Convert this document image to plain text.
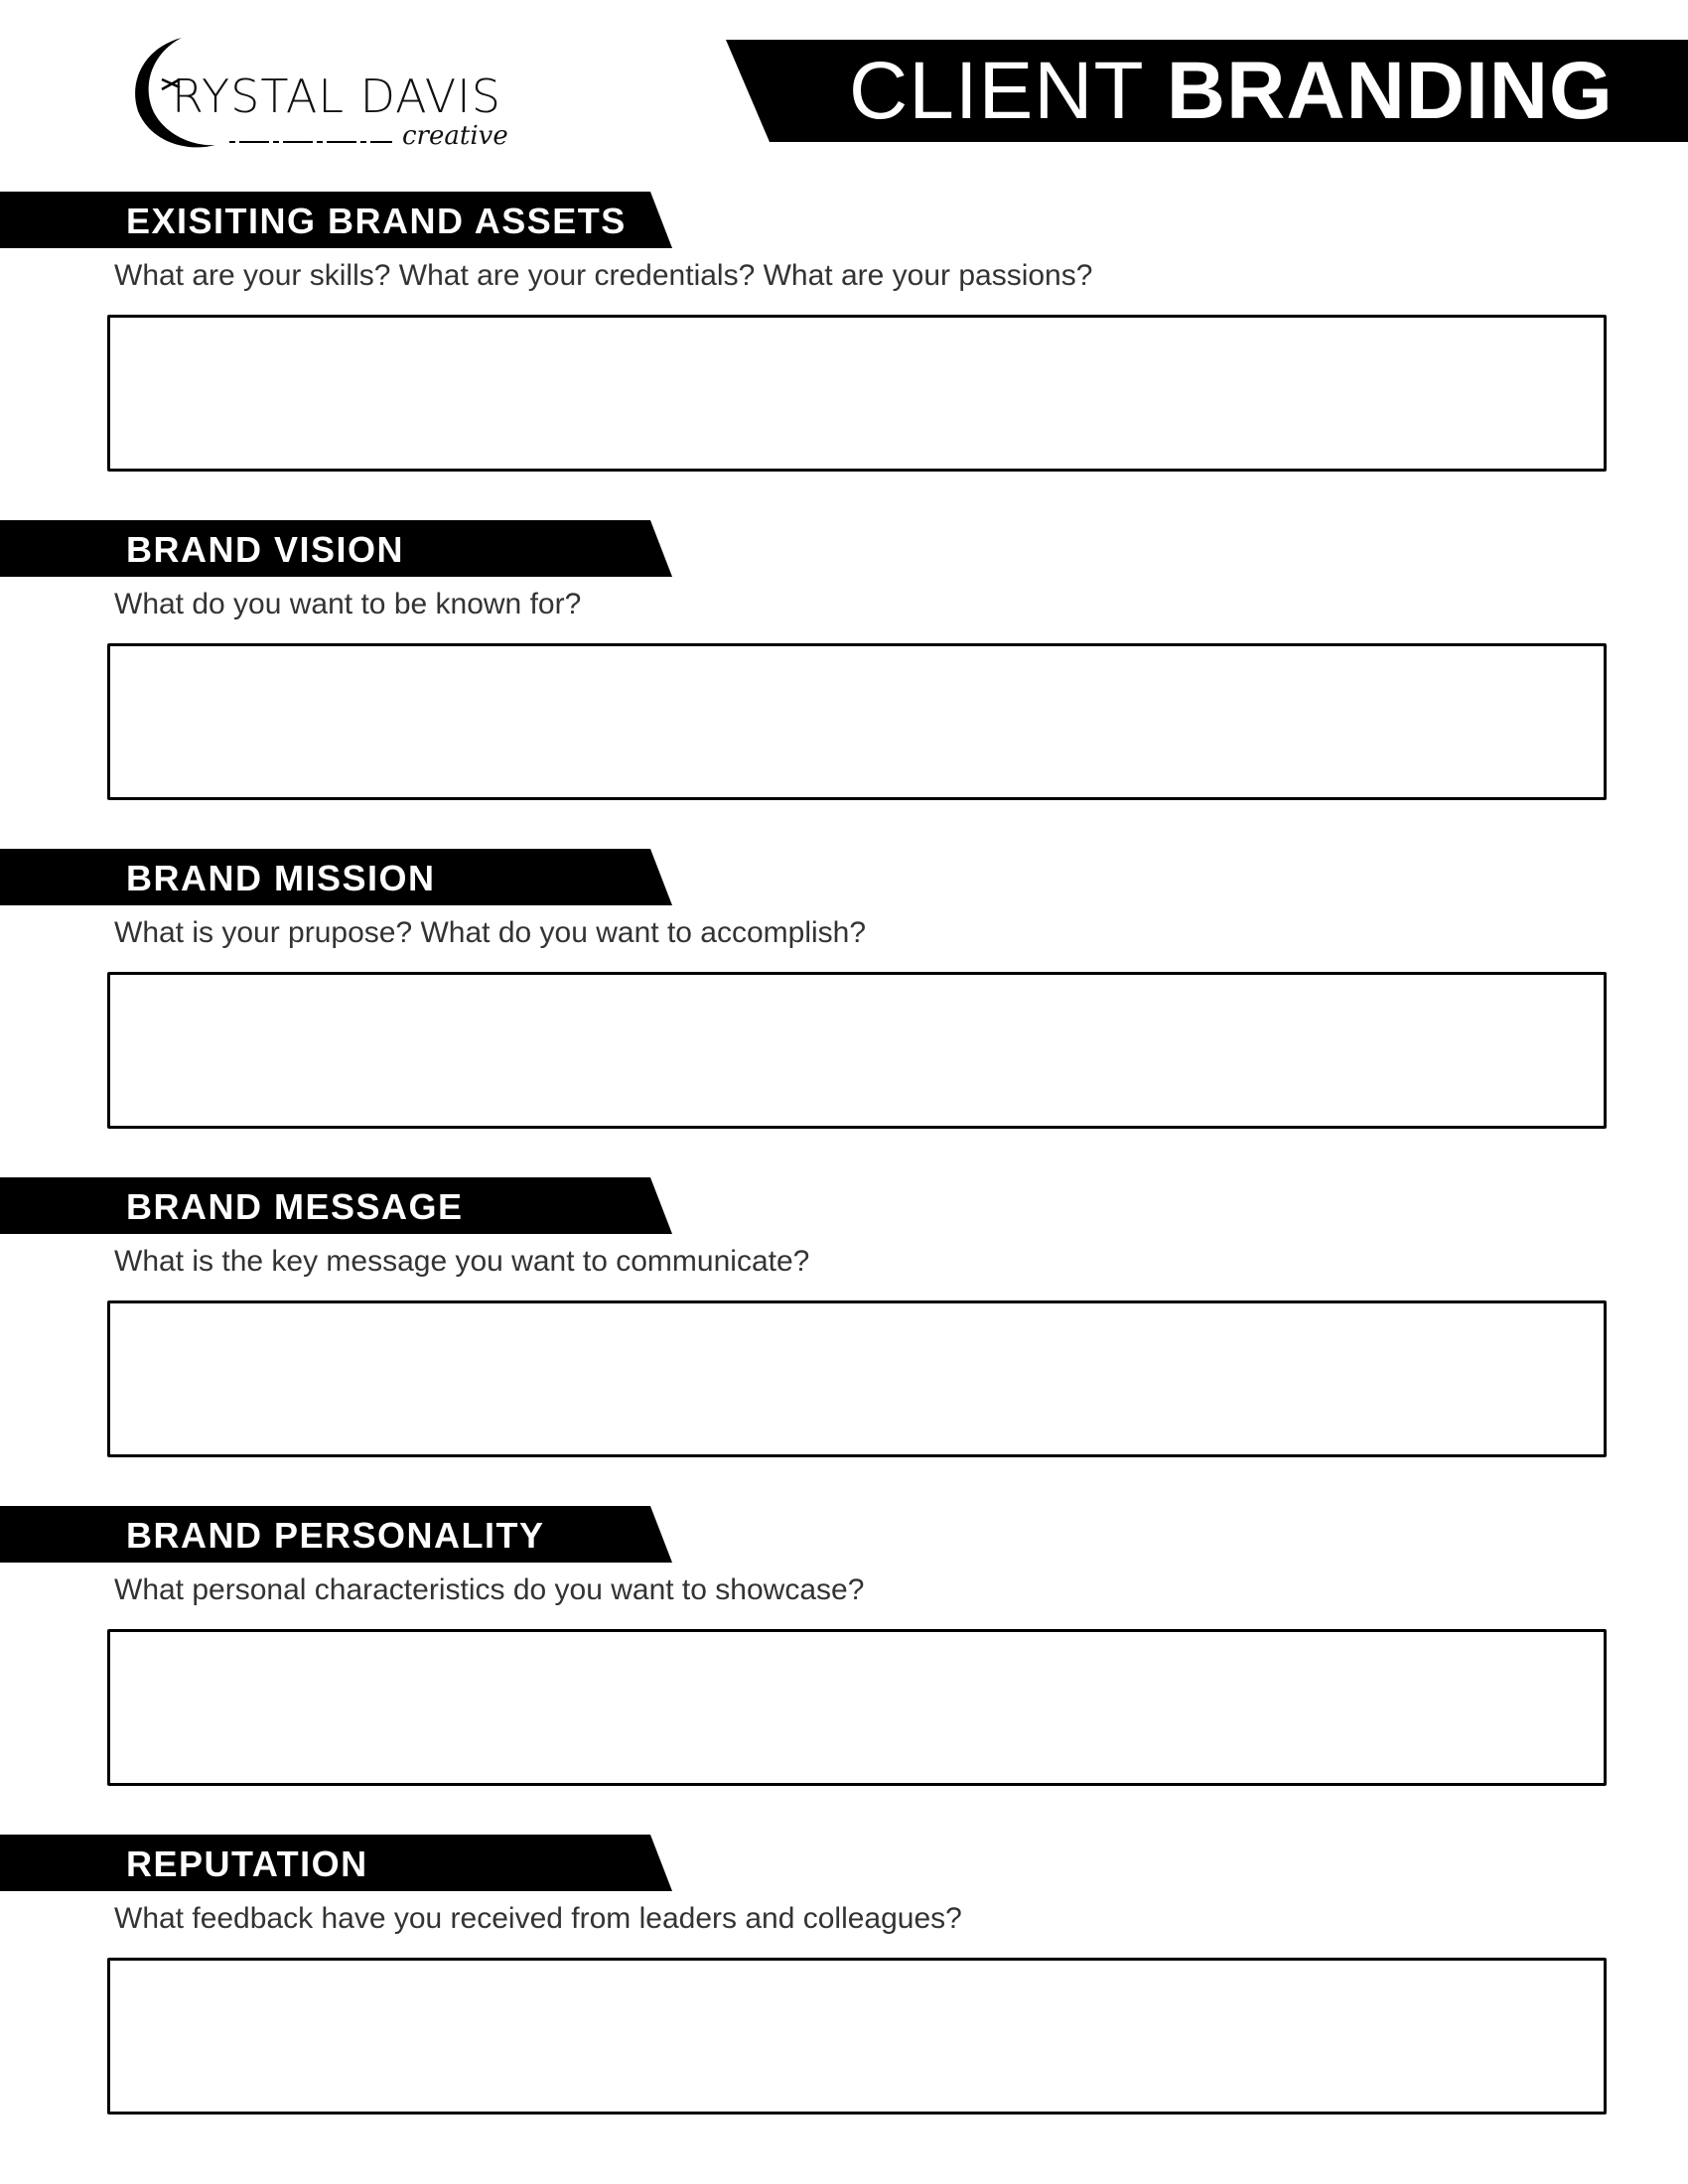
RYSTAL DAVIS
creative	CLIENT BRANDING
EXISITING BRAND ASSETS
What are your skills? What are your credentials? What are your passions?
BRAND VISION
What do you want to be known for?
BRAND MISSION
What is your prupose? What do you want to accomplish?
BRAND MESSAGE
What is the key message you want to communicate?
BRAND PERSONALITY
What personal characteristics do you want to showcase?
REPUTATION
What feedback have you received from leaders and colleagues?
